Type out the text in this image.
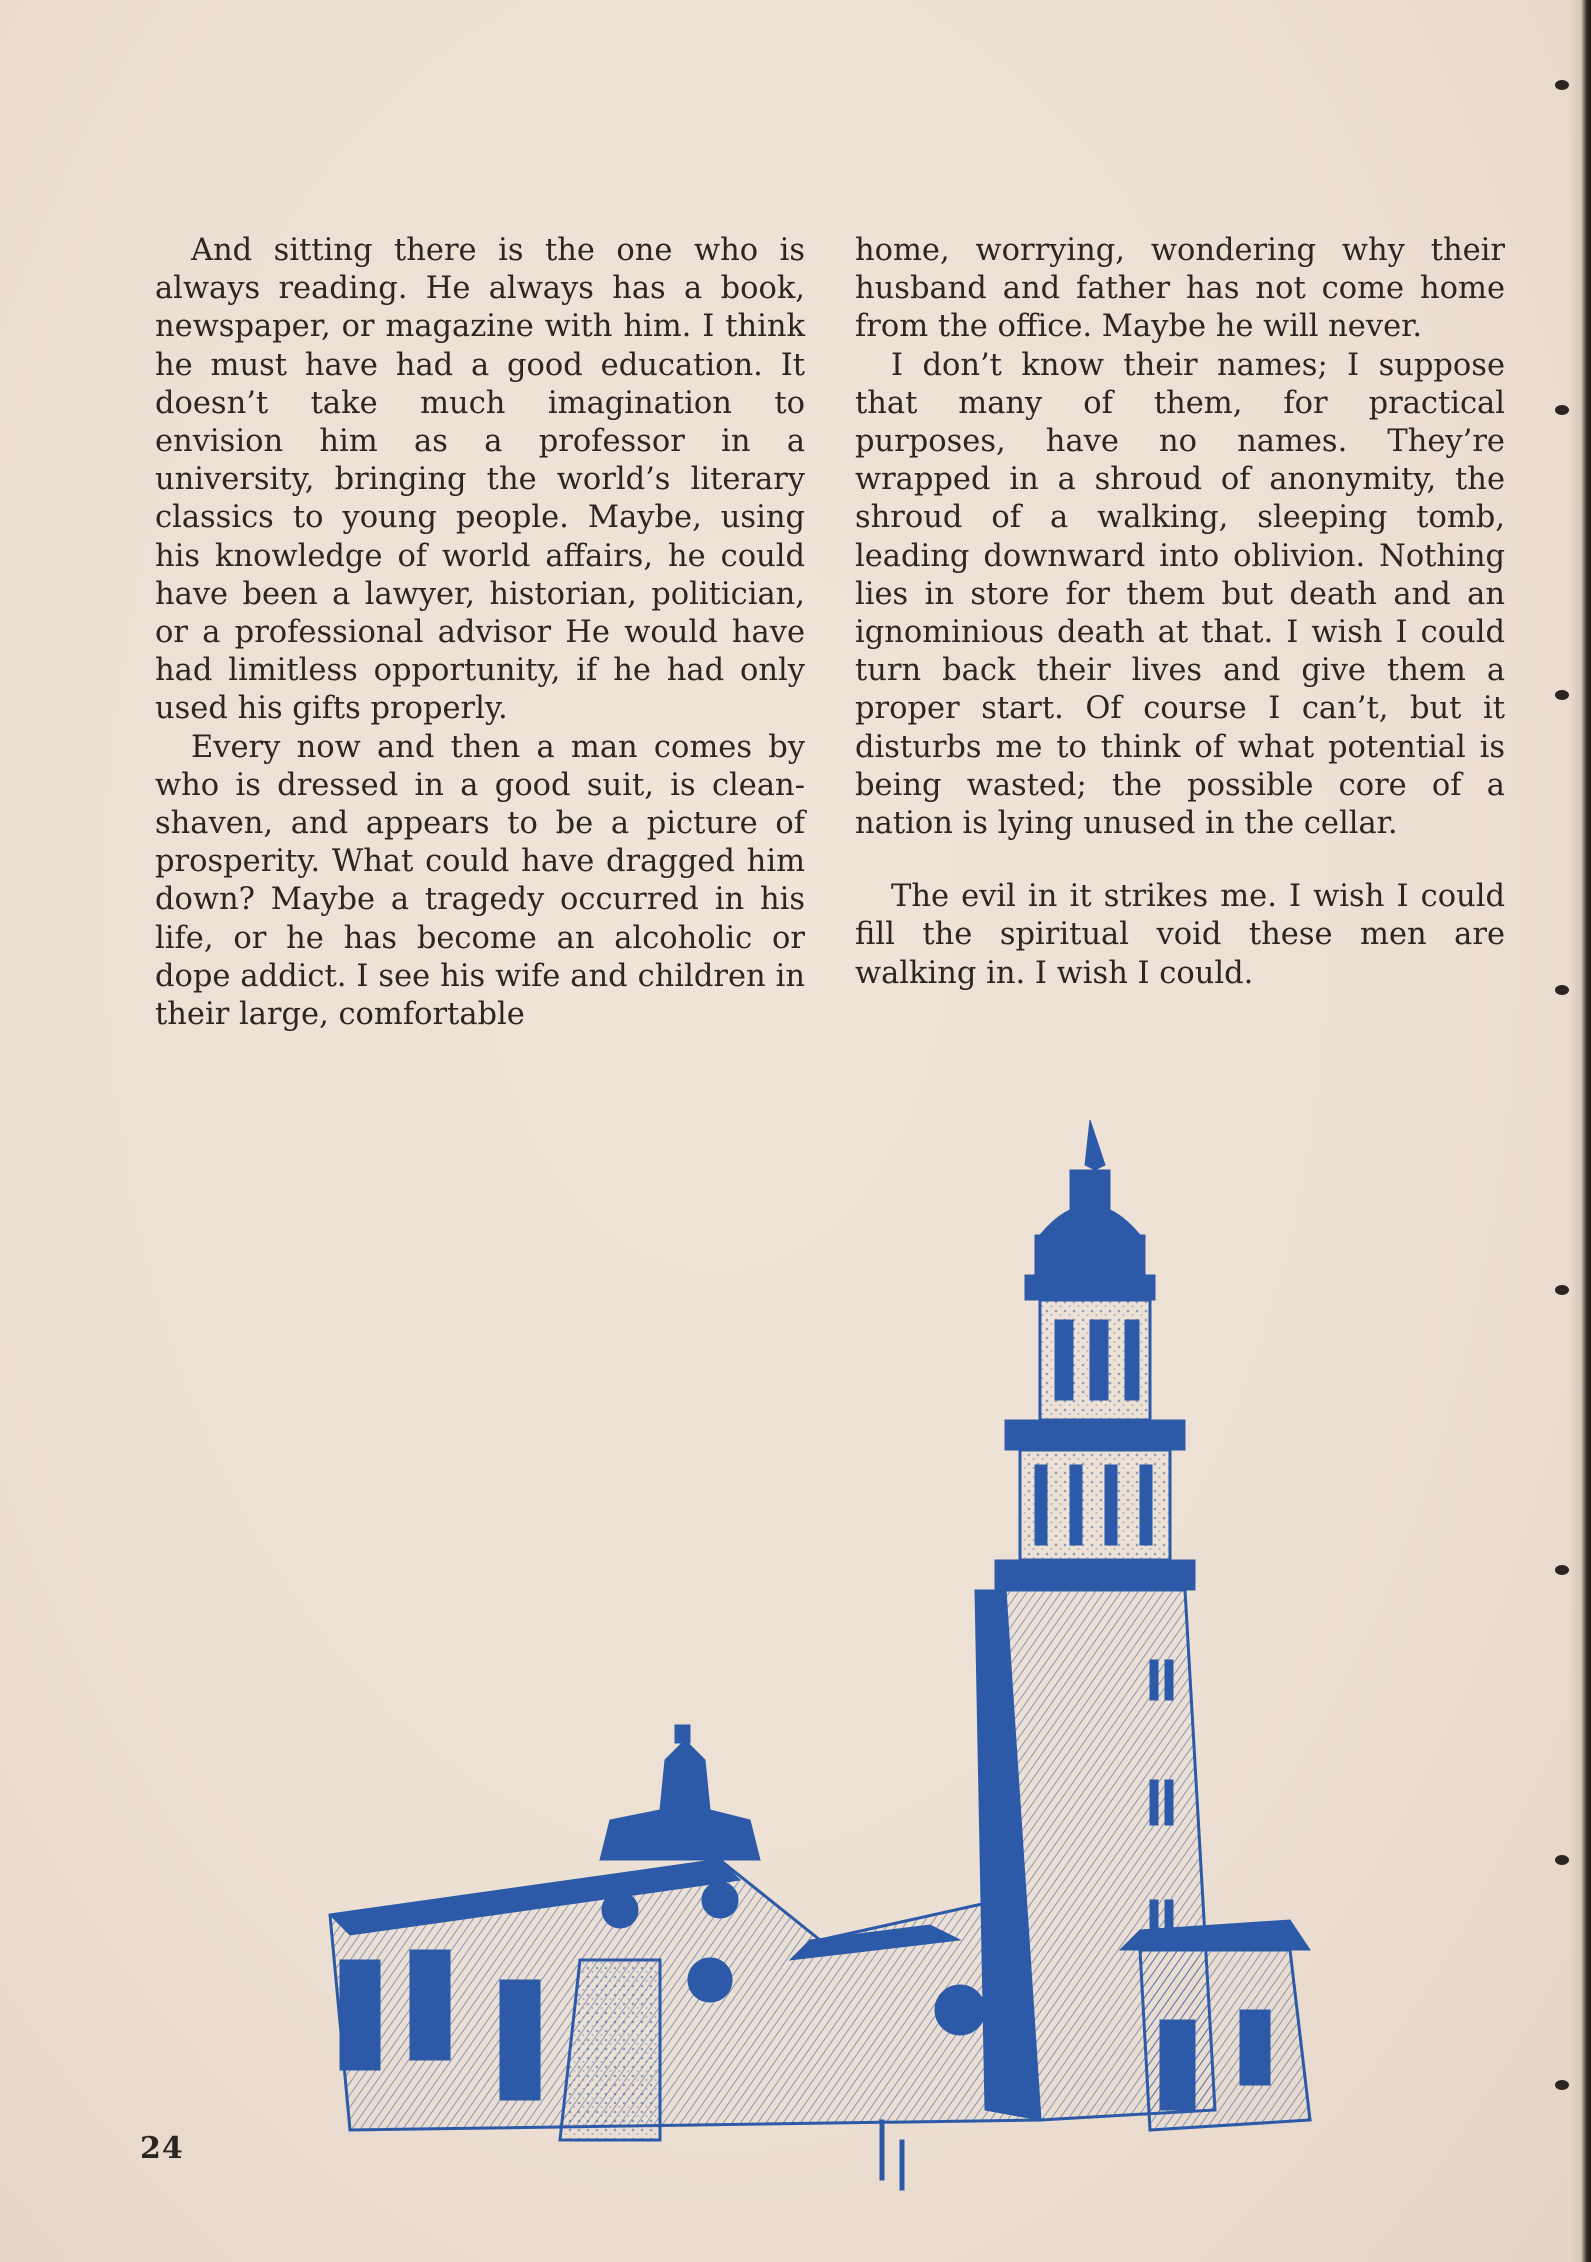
And sitting there is the one who is always reading. He always has a book, newspaper, or magazine with him. I think he must have had a good education. It doesn’t take much imagination to envision him as a professor in a university, bringing the world’s literary classics to young people. Maybe, using his knowledge of world affairs, he could have been a lawyer, historian, politician, or a professional advisor He would have had limitless opportunity, if he had only used his gifts properly.

Every now and then a man comes by who is dressed in a good suit, is clean-shaven, and appears to be a picture of prosperity. What could have dragged him down? Maybe a tragedy occurred in his life, or he has become an alcoholic or dope addict. I see his wife and children in their large, comfortable

home, worrying, wondering why their husband and father has not come home from the office. Maybe he will never.

I don’t know their names; I suppose that many of them, for practical purposes, have no names. They’re wrapped in a shroud of anonymity, the shroud of a walking, sleeping tomb, leading downward into oblivion. Nothing lies in store for them but death and an ignominious death at that. I wish I could turn back their lives and give them a proper start. Of course I can’t, but it disturbs me to think of what potential is being wasted; the possible core of a nation is lying unused in the cellar.

The evil in it strikes me. I wish I could fill the spiritual void these men are walking in. I wish I could.

24
